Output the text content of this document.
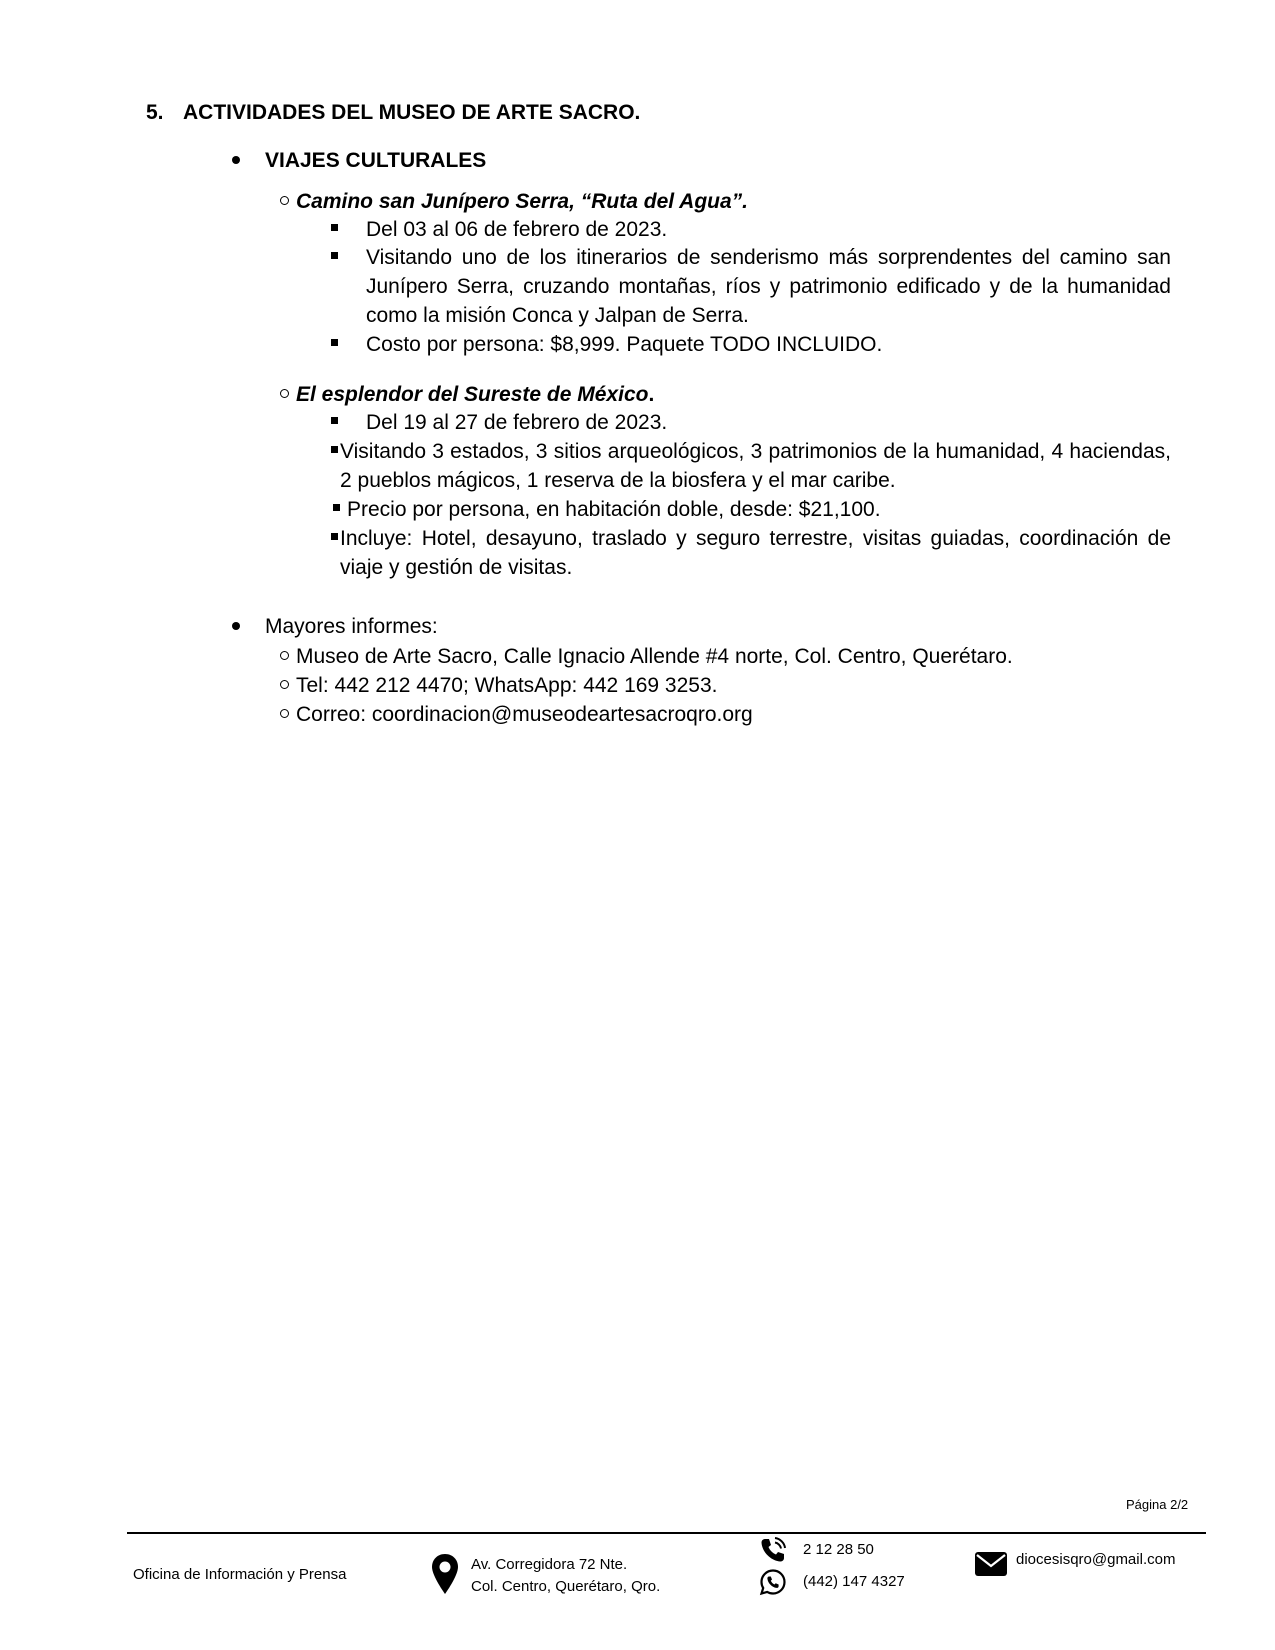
5. ACTIVIDADES DEL MUSEO DE ARTE SACRO.
VIAJES CULTURALES
Camino san Junípero Serra, “Ruta del Agua”.
Del 03 al 06 de febrero de 2023.
Visitando uno de los itinerarios de senderismo más sorprendentes del camino san Junípero Serra, cruzando montañas, ríos y patrimonio edificado y de la humanidad como la misión Conca y Jalpan de Serra.
Costo por persona: $8,999. Paquete TODO INCLUIDO.
El esplendor del Sureste de México.
Del 19 al 27 de febrero de 2023.
Visitando 3 estados, 3 sitios arqueológicos, 3 patrimonios de la humanidad, 4 haciendas, 2 pueblos mágicos, 1 reserva de la biosfera y el mar caribe.
Precio por persona, en habitación doble, desde: $21,100.
Incluye: Hotel, desayuno, traslado y seguro terrestre, visitas guiadas, coordinación de viaje y gestión de visitas.
Mayores informes:
Museo de Arte Sacro, Calle Ignacio Allende #4 norte, Col. Centro, Querétaro.
Tel: 442 212 4470; WhatsApp: 442 169 3253.
Correo: coordinacion@museodeartesacroqro.org
Página 2/2
Oficina de Información y Prensa
Av. Corregidora 72 Nte.
Col. Centro, Querétaro, Qro.
2 12 28 50
(442) 147 4327
diocesisqro@gmail.com
